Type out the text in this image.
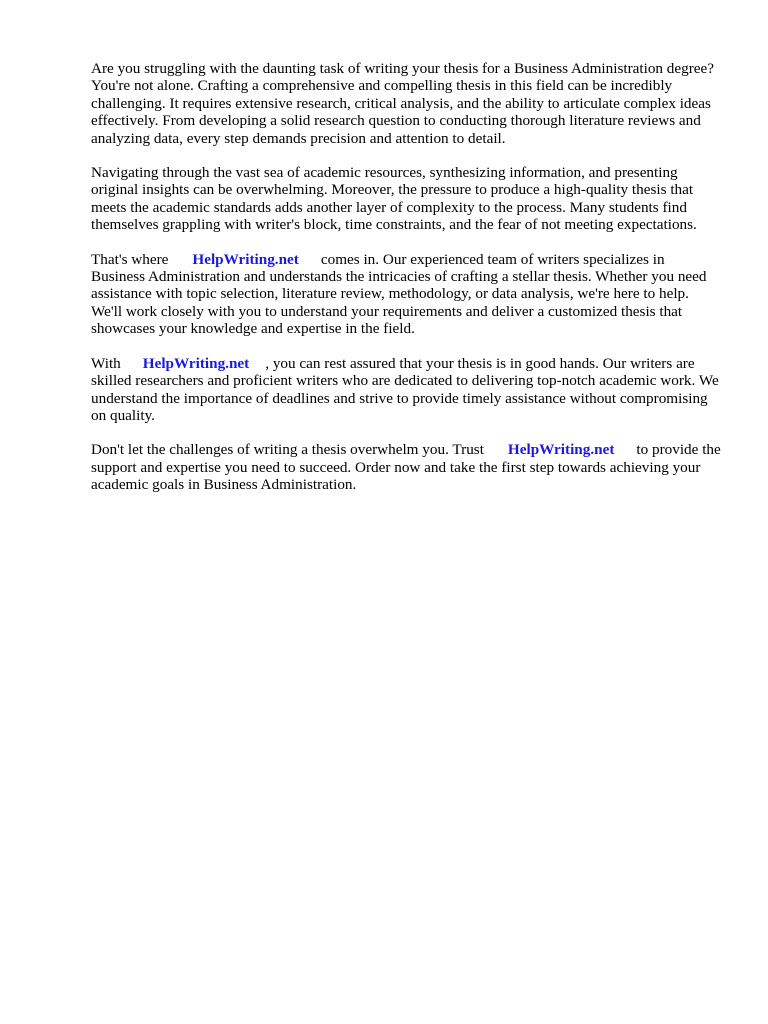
Are you struggling with the daunting task of writing your thesis for a Business Administration degree? You're not alone. Crafting a comprehensive and compelling thesis in this field can be incredibly challenging. It requires extensive research, critical analysis, and the ability to articulate complex ideas effectively. From developing a solid research question to conducting thorough literature reviews and analyzing data, every step demands precision and attention to detail.

Navigating through the vast sea of academic resources, synthesizing information, and presenting original insights can be overwhelming. Moreover, the pressure to produce a high-quality thesis that meets the academic standards adds another layer of complexity to the process. Many students find themselves grappling with writer's block, time constraints, and the fear of not meeting expectations.

That's where HelpWriting.net comes in. Our experienced team of writers specializes in Business Administration and understands the intricacies of crafting a stellar thesis. Whether you need assistance with topic selection, literature review, methodology, or data analysis, we're here to help. We'll work closely with you to understand your requirements and deliver a customized thesis that showcases your knowledge and expertise in the field.

With HelpWriting.net , you can rest assured that your thesis is in good hands. Our writers are skilled researchers and proficient writers who are dedicated to delivering top-notch academic work. We understand the importance of deadlines and strive to provide timely assistance without compromising on quality.

Don't let the challenges of writing a thesis overwhelm you. Trust HelpWriting.net to provide the support and expertise you need to succeed. Order now and take the first step towards achieving your academic goals in Business Administration.
